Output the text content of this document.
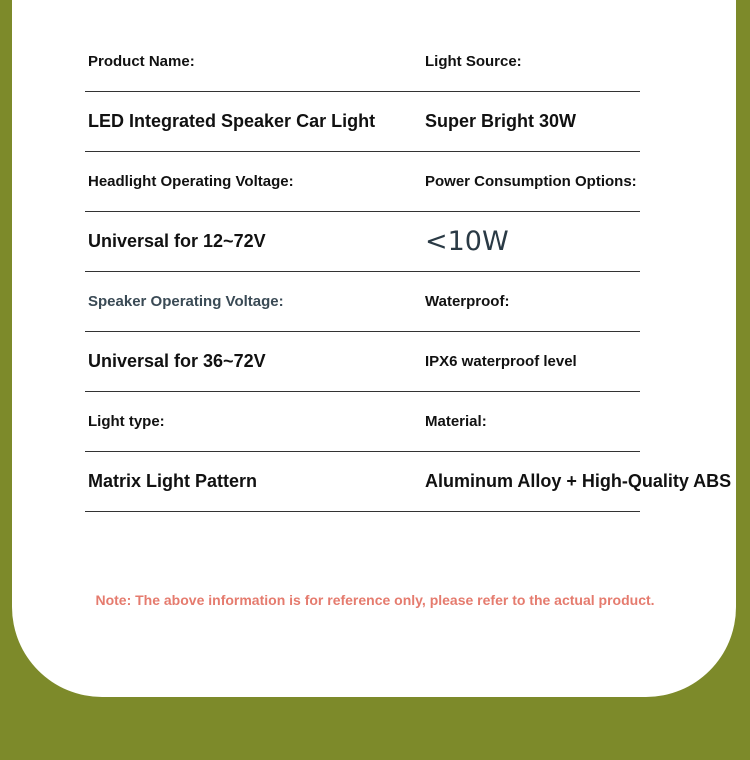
Product Name:	Light Source:
LED Integrated Speaker Car Light	Super Bright 30W
Headlight Operating Voltage:	Power Consumption Options:
Universal for 12~72V	<10W
Speaker Operating Voltage:	Waterproof:
Universal for 36~72V	IPX6 waterproof level
Light type:	Material:
Matrix Light Pattern	Aluminum Alloy + High-Quality ABS
Note: The above information is for reference only, please refer to the actual product.
